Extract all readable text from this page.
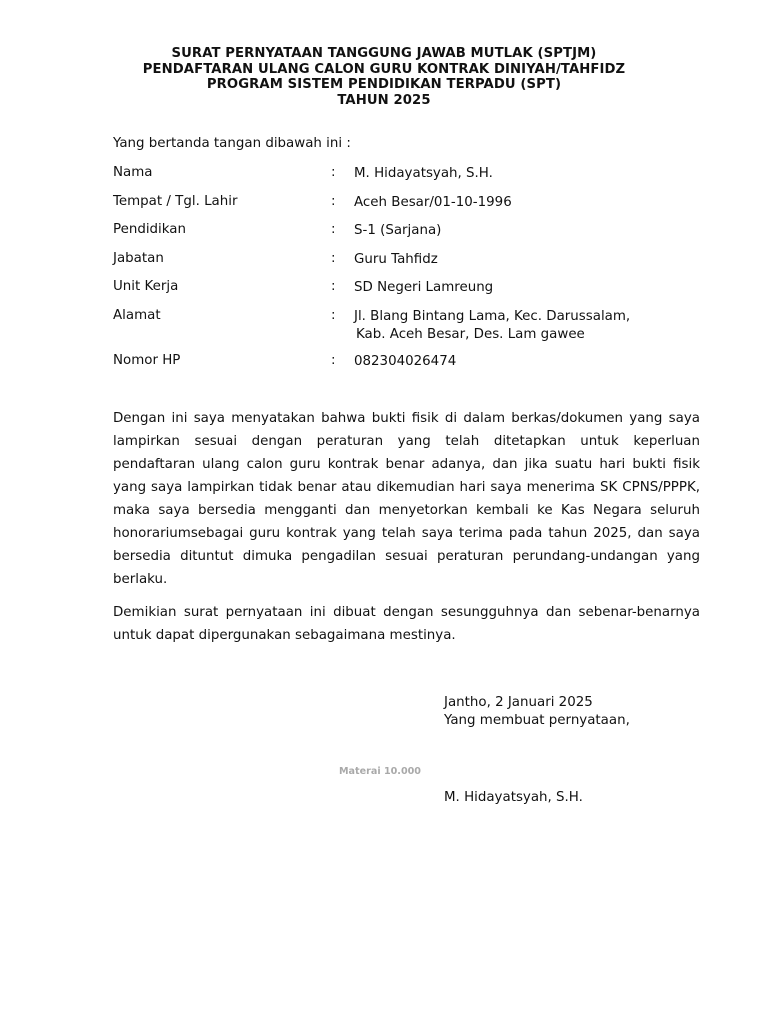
SURAT PERNYATAAN TANGGUNG JAWAB MUTLAK (SPTJM)
PENDAFTARAN ULANG CALON GURU KONTRAK DINIYAH/TAHFIDZ
PROGRAM SISTEM PENDIDIKAN TERPADU (SPT)
TAHUN 2025
Yang bertanda tangan dibawah ini :
Nama	: M. Hidayatsyah, S.H.
Tempat / Tgl. Lahir	: Aceh Besar/01-10-1996
Pendidikan	: S-1 (Sarjana)
Jabatan	: Guru Tahfidz
Unit Kerja	: SD Negeri Lamreung
Alamat	: Jl. Blang Bintang Lama, Kec. Darussalam,
Kab. Aceh Besar, Des. Lam gawee
Nomor HP	: 082304026474
Dengan ini saya menyatakan bahwa bukti fisik di dalam berkas/dokumen yang saya lampirkan sesuai dengan peraturan yang telah ditetapkan untuk keperluan pendaftaran ulang calon guru kontrak benar adanya, dan jika suatu hari bukti fisik yang saya lampirkan tidak benar atau dikemudian hari saya menerima SK CPNS/PPPK, maka saya bersedia mengganti dan menyetorkan kembali ke Kas Negara seluruh honorariumsebagai guru kontrak yang telah saya terima pada tahun 2025, dan saya bersedia dituntut dimuka pengadilan sesuai peraturan perundang-undangan yang berlaku.
Demikian surat pernyataan ini dibuat dengan sesungguhnya dan sebenar-benarnya untuk dapat dipergunakan sebagaimana mestinya.
Jantho, 2 Januari 2025
Yang membuat pernyataan,
Materai 10.000
M. Hidayatsyah, S.H.
